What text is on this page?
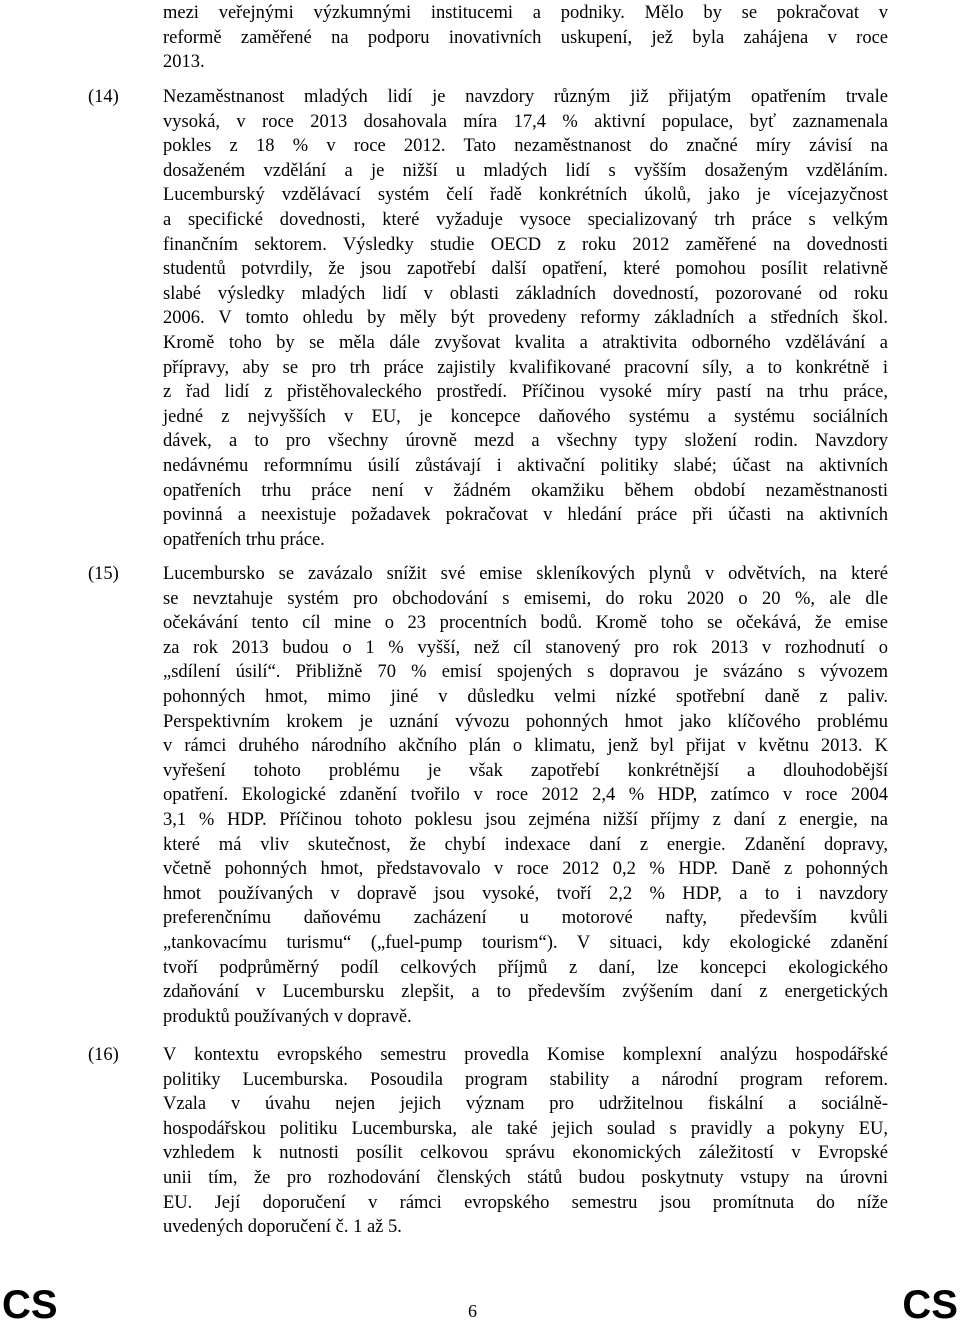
mezi veřejnými výzkumnými institucemi a podniky. Mělo by se pokračovat v
reformě zaměřené na podporu inovativních uskupení, jež byla zahájena v roce
2013.
(14)	Nezaměstnanost mladých lidí je navzdory různým již přijatým opatřením trvale
vysoká, v roce 2013 dosahovala míra 17,4 % aktivní populace, byť zaznamenala
pokles z 18 % v roce 2012. Tato nezaměstnanost do značné míry závisí na
dosaženém vzdělání a je nižší u mladých lidí s vyšším dosaženým vzděláním.
Lucemburský vzdělávací systém čelí řadě konkrétních úkolů, jako je vícejazyčnost
a specifické dovednosti, které vyžaduje vysoce specializovaný trh práce s velkým
finančním sektorem. Výsledky studie OECD z roku 2012 zaměřené na dovednosti
studentů potvrdily, že jsou zapotřebí další opatření, které pomohou posílit relativně
slabé výsledky mladých lidí v oblasti základních dovedností, pozorované od roku
2006. V tomto ohledu by měly být provedeny reformy základních a středních škol.
Kromě toho by se měla dále zvyšovat kvalita a atraktivita odborného vzdělávání a
přípravy, aby se pro trh práce zajistily kvalifikované pracovní síly, a to konkrétně i
z řad lidí z přistěhovaleckého prostředí. Příčinou vysoké míry pastí na trhu práce,
jedné z nejvyšších v EU, je koncepce daňového systému a systému sociálních
dávek, a to pro všechny úrovně mezd a všechny typy složení rodin. Navzdory
nedávnému reformnímu úsilí zůstávají i aktivační politiky slabé; účast na aktivních
opatřeních trhu práce není v žádném okamžiku během období nezaměstnanosti
povinná a neexistuje požadavek pokračovat v hledání práce při účasti na aktivních
opatřeních trhu práce.
(15)	Lucembursko se zavázalo snížit své emise skleníkových plynů v odvětvích, na které
se nevztahuje systém pro obchodování s emisemi, do roku 2020 o 20 %, ale dle
očekávání tento cíl mine o 23 procentních bodů. Kromě toho se očekává, že emise
za rok 2013 budou o 1 % vyšší, než cíl stanovený pro rok 2013 v rozhodnutí o
„sdílení úsilí“. Přibližně 70 % emisí spojených s dopravou je svázáno s vývozem
pohonných hmot, mimo jiné v důsledku velmi nízké spotřební daně z paliv.
Perspektivním krokem je uznání vývozu pohonných hmot jako klíčového problému
v rámci druhého národního akčního plán o klimatu, jenž byl přijat v květnu 2013. K
vyřešení tohoto problému je však zapotřebí konkrétnější a dlouhodobější
opatření. Ekologické zdanění tvořilo v roce 2012 2,4 % HDP, zatímco v roce 2004
3,1 % HDP. Příčinou tohoto poklesu jsou zejména nižší příjmy z daní z energie, na
které má vliv skutečnost, že chybí indexace daní z energie. Zdanění dopravy,
včetně pohonných hmot, představovalo v roce 2012 0,2 % HDP. Daně z pohonných
hmot používaných v dopravě jsou vysoké, tvoří 2,2 % HDP, a to i navzdory
preferenčnímu daňovému zacházení u motorové nafty, především kvůli
„tankovacímu turismu“ („fuel-pump tourism“). V situaci, kdy ekologické zdanění
tvoří podprůměrný podíl celkových příjmů z daní, lze koncepci ekologického
zdaňování v Lucembursku zlepšit, a to především zvýšením daní z energetických
produktů používaných v dopravě.
(16)	V kontextu evropského semestru provedla Komise komplexní analýzu hospodářské
politiky Lucemburska. Posoudila program stability a národní program reforem.
Vzala v úvahu nejen jejich význam pro udržitelnou fiskální a sociálně-
hospodářskou politiku Lucemburska, ale také jejich soulad s pravidly a pokyny EU,
vzhledem k nutnosti posílit celkovou správu ekonomických záležitostí v Evropské
unii tím, že pro rozhodování členských států budou poskytnuty vstupy na úrovni
EU. Její doporučení v rámci evropského semestru jsou promítnuta do níže
uvedených doporučení č. 1 až 5.
CS	6	CS
